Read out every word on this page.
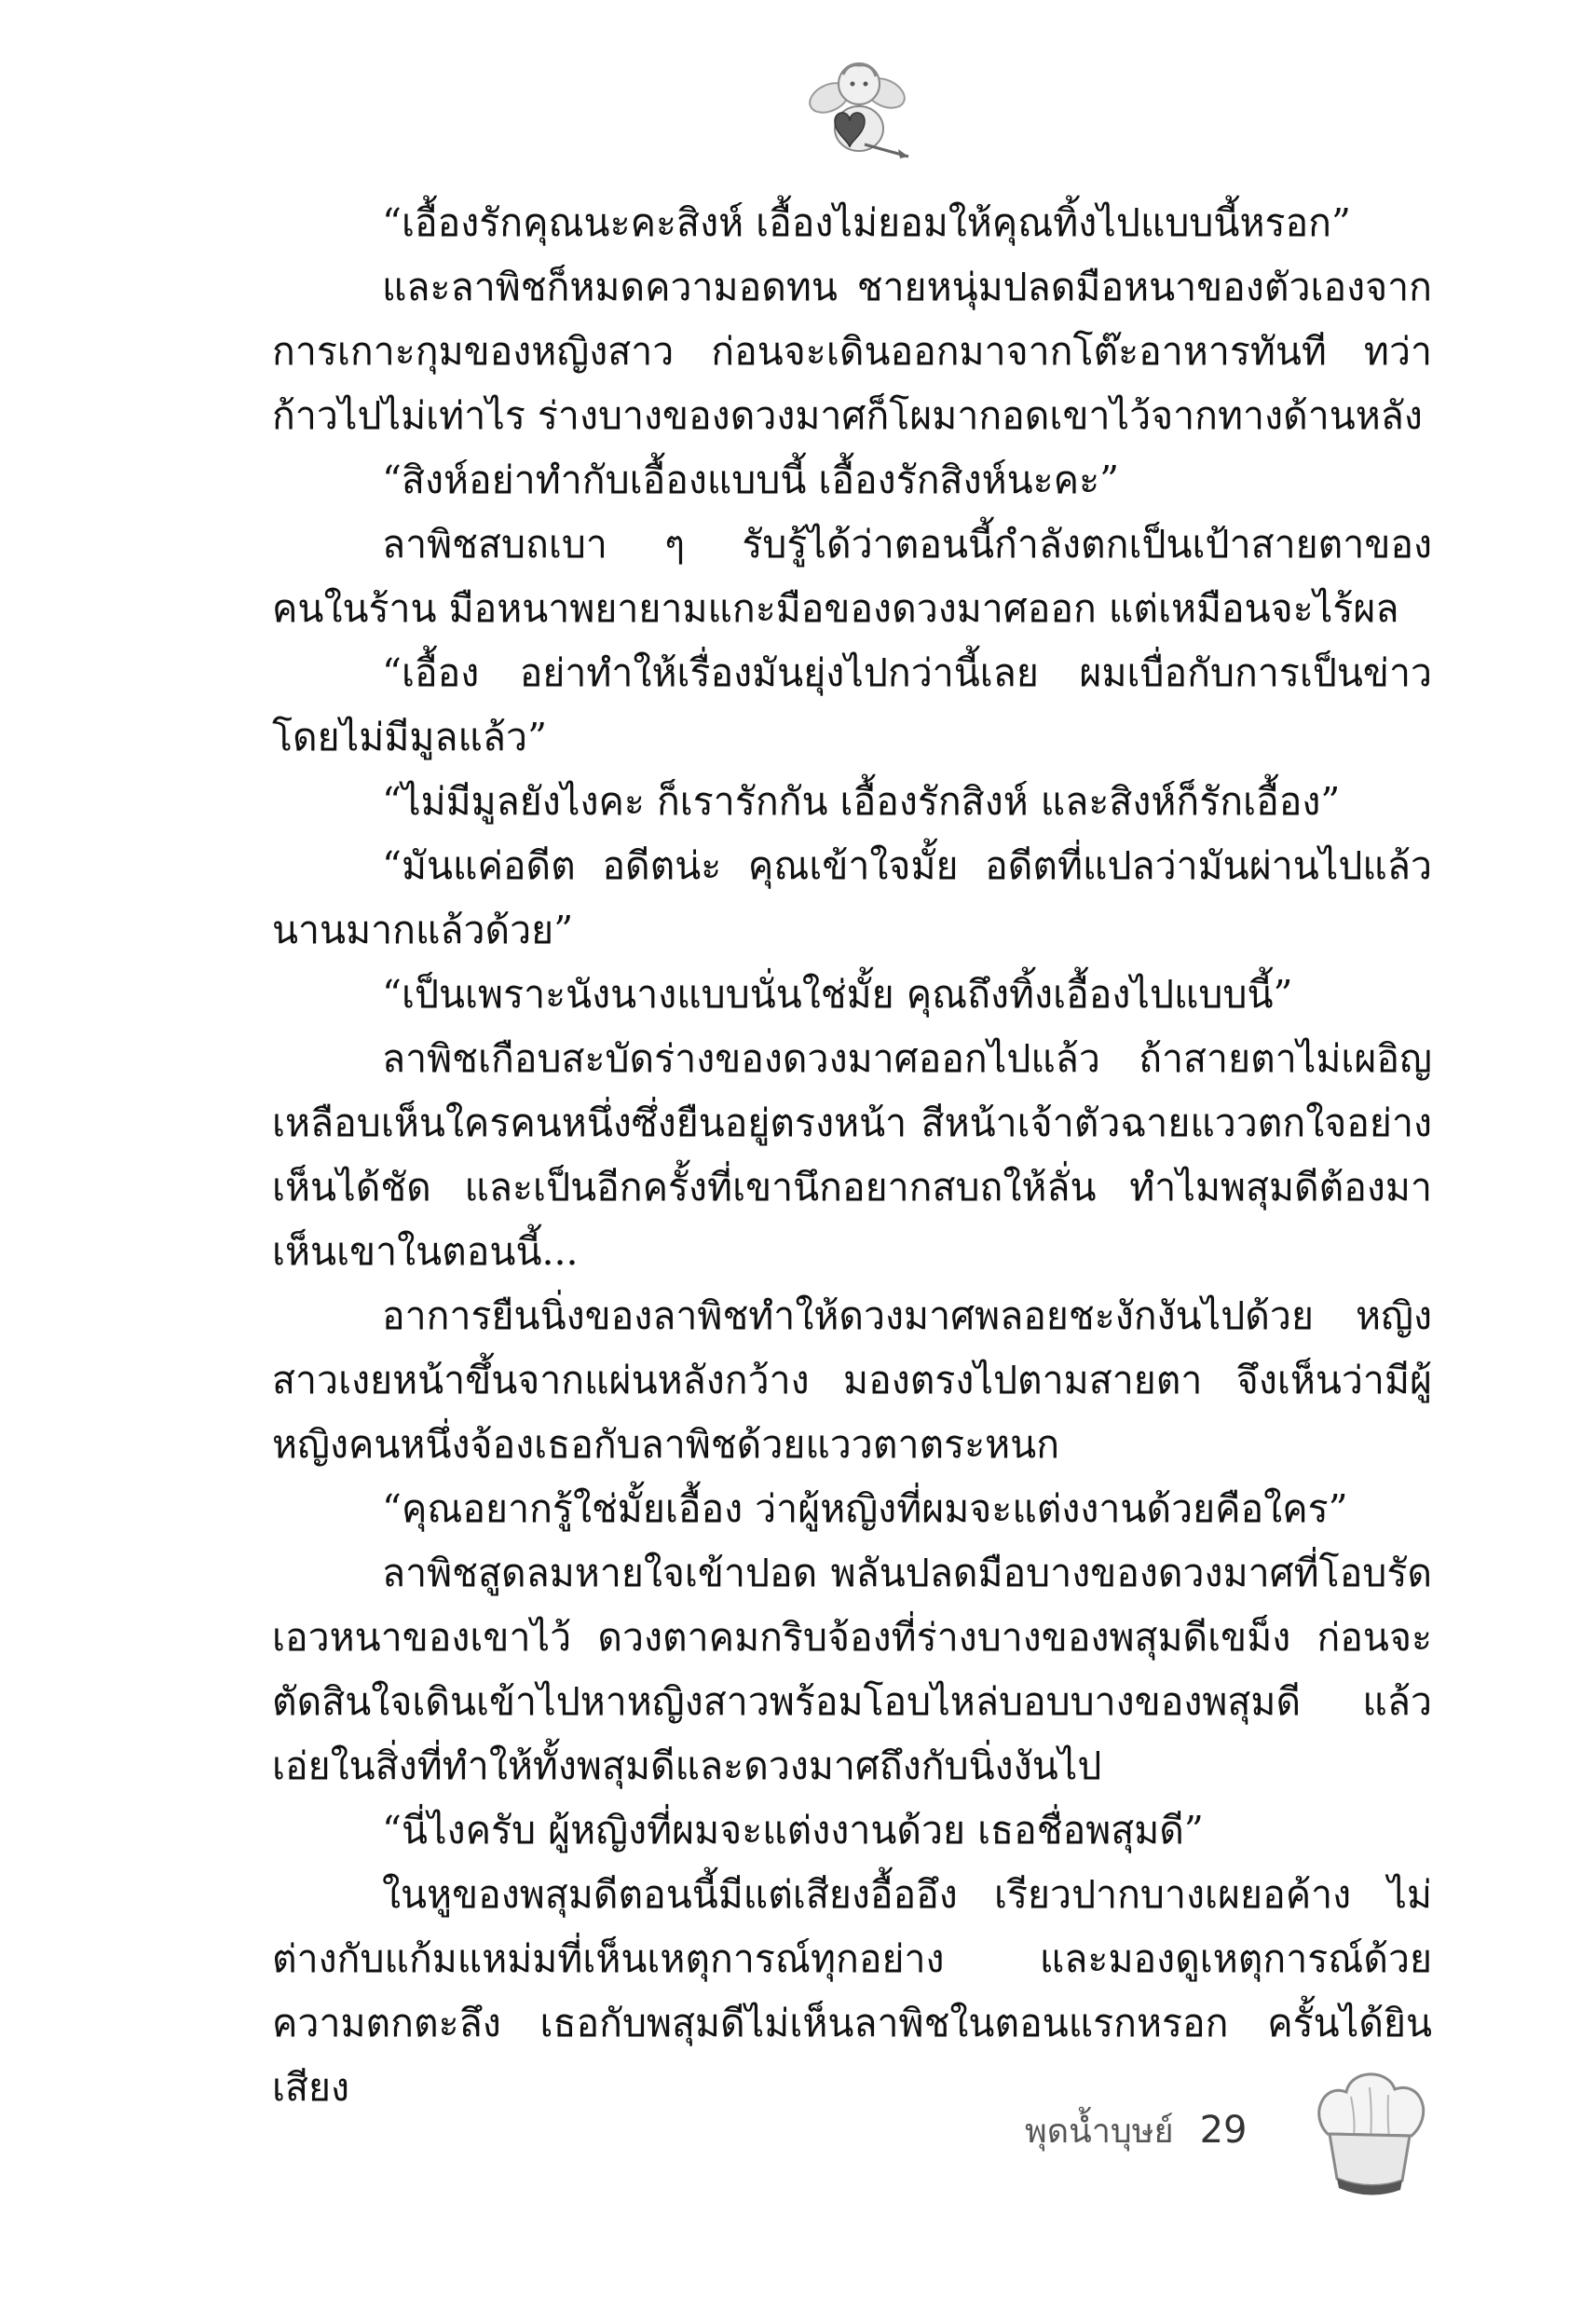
“เอื้องรักคุณนะคะสิงห์ เอื้องไม่ยอมให้คุณทิ้งไปแบบนี้หรอก”

และลาพิชก็หมดความอดทน ชายหนุ่มปลดมือหนาของตัวเองจากการเกาะกุมของหญิงสาว ก่อนจะเดินออกมาจากโต๊ะอาหารทันที ทว่าก้าวไปไม่เท่าไร ร่างบางของดวงมาศก็โผมากอดเขาไว้จากทางด้านหลัง

“สิงห์อย่าทำกับเอื้องแบบนี้ เอื้องรักสิงห์นะคะ”

ลาพิชสบถเบา ๆ รับรู้ได้ว่าตอนนี้กำลังตกเป็นเป้าสายตาของคนในร้าน มือหนาพยายามแกะมือของดวงมาศออก แต่เหมือนจะไร้ผล

“เอื้อง อย่าทำให้เรื่องมันยุ่งไปกว่านี้เลย ผมเบื่อกับการเป็นข่าวโดยไม่มีมูลแล้ว”

“ไม่มีมูลยังไงคะ ก็เรารักกัน เอื้องรักสิงห์ และสิงห์ก็รักเอื้อง”

“มันแค่อดีต อดีตน่ะ คุณเข้าใจมั้ย อดีตที่แปลว่ามันผ่านไปแล้วนานมากแล้วด้วย”

“เป็นเพราะนังนางแบบนั่นใช่มั้ย คุณถึงทิ้งเอื้องไปแบบนี้”

ลาพิชเกือบสะบัดร่างของดวงมาศออกไปแล้ว ถ้าสายตาไม่เผอิญเหลือบเห็นใครคนหนึ่งซึ่งยืนอยู่ตรงหน้า สีหน้าเจ้าตัวฉายแววตกใจอย่างเห็นได้ชัด และเป็นอีกครั้งที่เขานึกอยากสบถให้ลั่น ทำไมพสุมดีต้องมาเห็นเขาในตอนนี้...

อาการยืนนิ่งของลาพิชทำให้ดวงมาศพลอยชะงักงันไปด้วย หญิงสาวเงยหน้าขึ้นจากแผ่นหลังกว้าง มองตรงไปตามสายตา จึงเห็นว่ามีผู้หญิงคนหนึ่งจ้องเธอกับลาพิชด้วยแววตาตระหนก

“คุณอยากรู้ใช่มั้ยเอื้อง ว่าผู้หญิงที่ผมจะแต่งงานด้วยคือใคร”

ลาพิชสูดลมหายใจเข้าปอด พลันปลดมือบางของดวงมาศที่โอบรัดเอวหนาของเขาไว้ ดวงตาคมกริบจ้องที่ร่างบางของพสุมดีเขม็ง ก่อนจะตัดสินใจเดินเข้าไปหาหญิงสาวพร้อมโอบไหล่บอบบางของพสุมดี แล้วเอ่ยในสิ่งที่ทำให้ทั้งพสุมดีและดวงมาศถึงกับนิ่งงันไป

“นี่ไงครับ ผู้หญิงที่ผมจะแต่งงานด้วย เธอชื่อพสุมดี”

ในหูของพสุมดีตอนนี้มีแต่เสียงอื้ออึง เรียวปากบางเผยอค้าง ไม่ต่างกับแก้มแหม่มที่เห็นเหตุการณ์ทุกอย่าง และมองดูเหตุการณ์ด้วยความตกตะลึง เธอกับพสุมดีไม่เห็นลาพิชในตอนแรกหรอก ครั้นได้ยินเสียง

พุดน้ำบุษย์ 29
